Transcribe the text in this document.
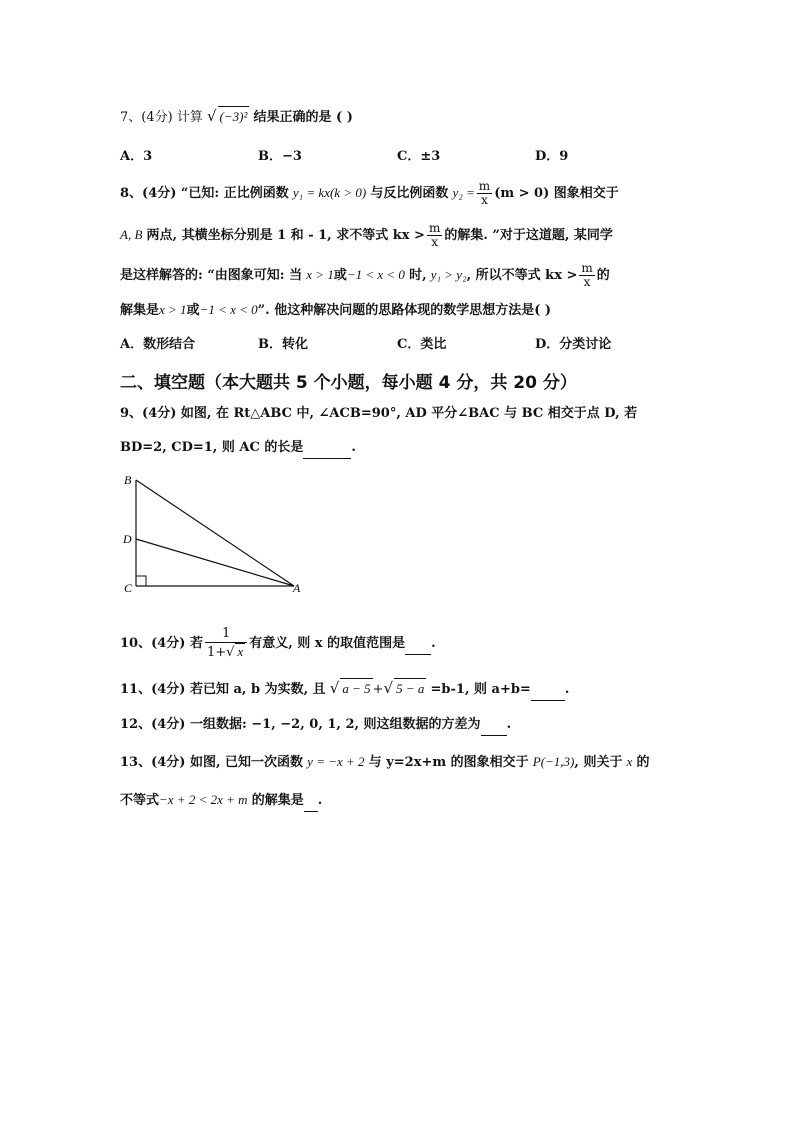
7、(4分) 计算 √ (−3)² 结果正确的是 ( )
A．3	B．−3	C．±3	D．9
8、(4分) “已知: 正比例函数 y₁ = kx(k > 0) 与反比例函数 $y_2 = \frac{m}{x} (m > 0)$ 图象相交于
A, B 两点, 其横坐标分别是 1 和 - 1, 求不等式 kx > $\frac{m}{x}$ 的解集. ”对于这道题, 某同学
是这样解答的: “由图象可知: 当 x > 1或−1 < x < 0 时, y₁ > y₂, 所以不等式 kx > $\frac{m}{x}$ 的
解集是x > 1或−1 < x < 0”. 他这种解决问题的思路体现的数学思想方法是( )
A．数形结合	B．转化	C．类比	D．分类讨论
二、填空题（本大题共 5 个小题，每小题 4 分，共 20 分）
9、(4分) 如图, 在 Rt△ABC 中, ∠ACB=90°, AD 平分∠BAC 与 BC 相交于点 D, 若
BD=2, CD=1, 则 AC 的长是	.
B
D
C	A
10、(4分) 若 $\frac{1}{1+√ x}$ 有意义, 则 x 的取值范围是 .
11、(4分) 若已知 a, b 为实数, 且 √ a − 5 +√ 5 − a =b-1, 则 a+b=	.
12、(4分) 一组数据: −1, −2, 0, 1, 2, 则这组数据的方差为 .
13、(4分) 如图, 已知一次函数 y = −x + 2 与 y=2x+m 的图象相交于 P(−1,3), 则关于 x 的
不等式−x + 2 < 2x + m 的解集是 .
